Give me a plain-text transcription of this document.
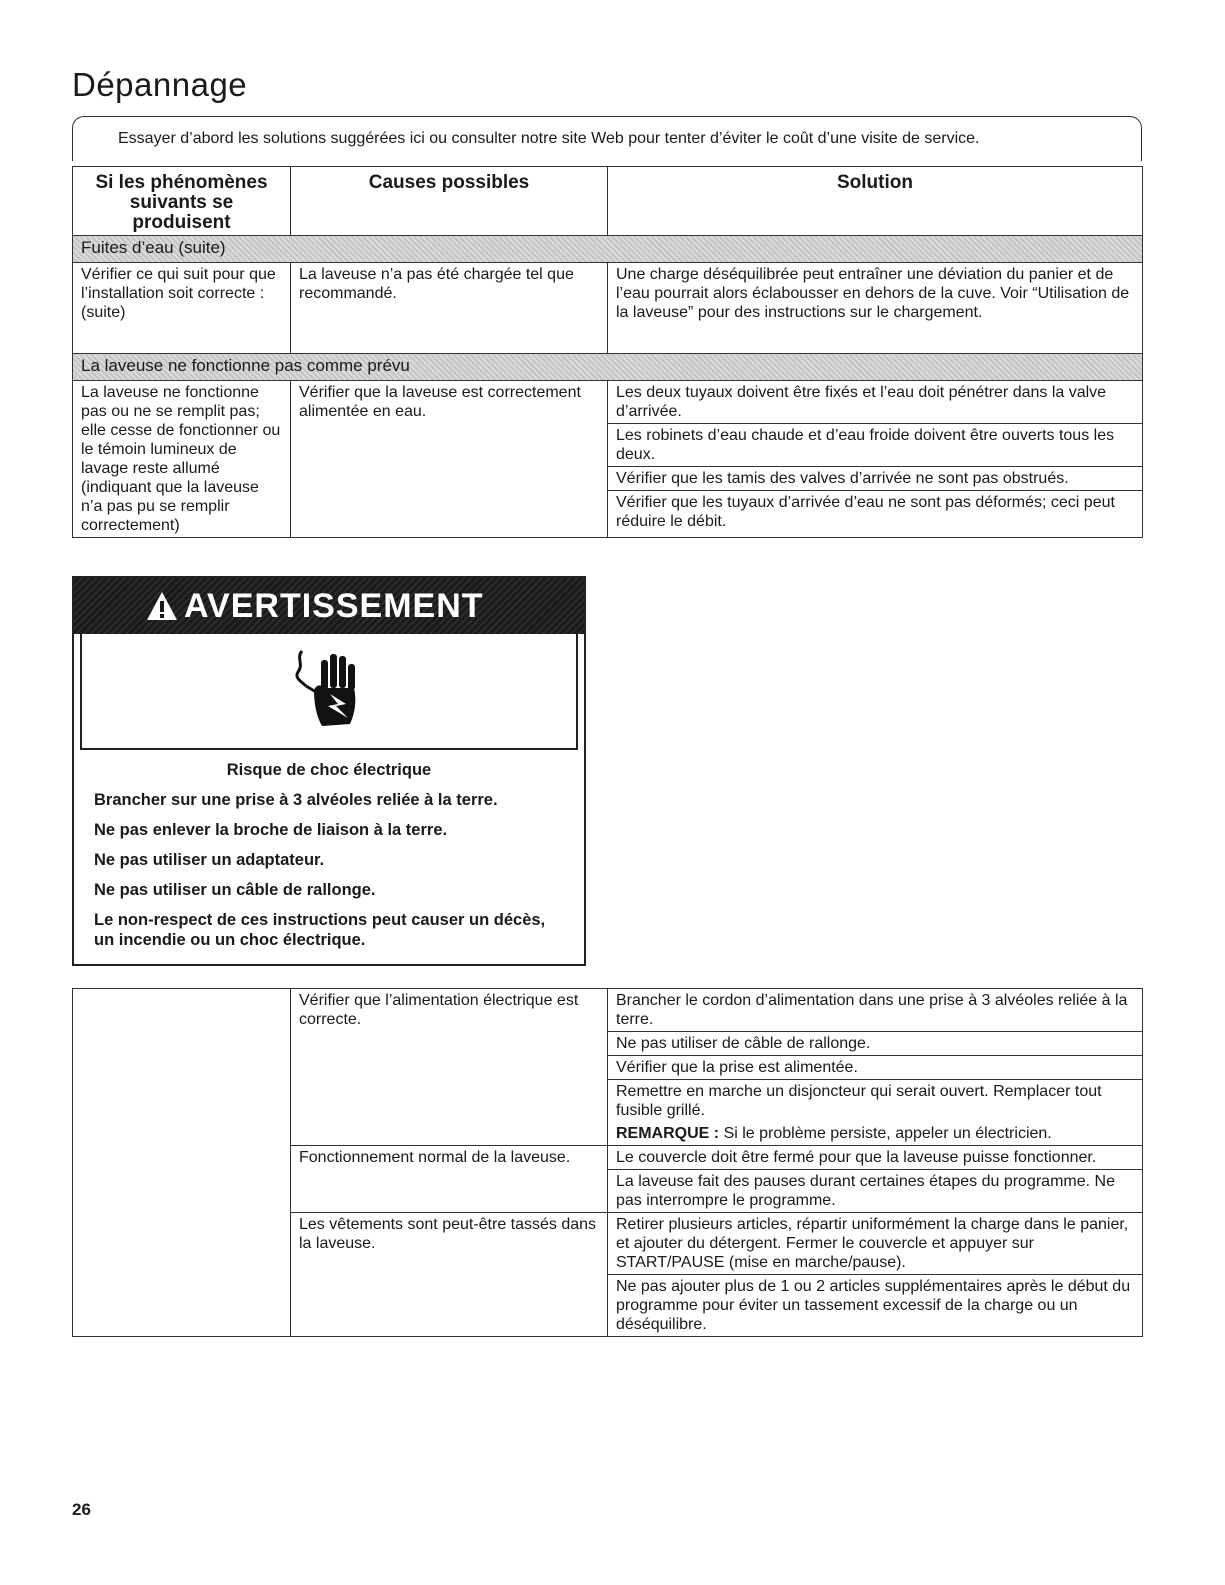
Dépannage
Essayer d’abord les solutions suggérées ici ou consulter notre site Web pour tenter d’éviter le coût d’une visite de service.
Si les phénomènes suivants se produisent	Causes possibles	Solution
Fuites d’eau (suite)		
Vérifier ce qui suit pour que l’installation soit correcte : (suite)	La laveuse n’a pas été chargée tel que recommandé.	Une charge déséquilibrée peut entraîner une déviation du panier et de l’eau pourrait alors éclabousser en dehors de la cuve. Voir “Utilisation de la laveuse” pour des instructions sur le chargement.
La laveuse ne fonctionne pas comme prévu		
La laveuse ne fonctionne pas ou ne se remplit pas; elle cesse de fonctionner ou le témoin lumineux de lavage reste allumé (indiquant que la laveuse n’a pas pu se remplir correctement)	Vérifier que la laveuse est correctement alimentée en eau.	Les deux tuyaux doivent être fixés et l’eau doit pénétrer dans la valve d’arrivée.
Les robinets d’eau chaude et d’eau froide doivent être ouverts tous les deux.
Vérifier que les tamis des valves d’arrivée ne sont pas obstrués.
Vérifier que les tuyaux d’arrivée d’eau ne sont pas déformés; ceci peut réduire le débit.
AVERTISSEMENT
Risque de choc électrique
Brancher sur une prise à 3 alvéoles reliée à la terre.
Ne pas enlever la broche de liaison à la terre.
Ne pas utiliser un adaptateur.
Ne pas utiliser un câble de rallonge.
Le non-respect de ces instructions peut causer un décès, un incendie ou un choc électrique.
	Vérifier que l’alimentation électrique est correcte.	Brancher le cordon d’alimentation dans une prise à 3 alvéoles reliée à la terre.
Ne pas utiliser de câble de rallonge.
Vérifier que la prise est alimentée.
Remettre en marche un disjoncteur qui serait ouvert. Remplacer tout fusible grillé.
REMARQUE : Si le problème persiste, appeler un électricien.

	Fonctionnement normal de la laveuse.	Le couvercle doit être fermé pour que la laveuse puisse fonctionner.
La laveuse fait des pauses durant certaines étapes du programme. Ne pas interrompre le programme.

	Les vêtements sont peut-être tassés dans la laveuse.	Retirer plusieurs articles, répartir uniformément la charge dans le panier, et ajouter du détergent. Fermer le couvercle et appuyer sur START/PAUSE (mise en marche/pause).
Ne pas ajouter plus de 1 ou 2 articles supplémentaires après le début du programme pour éviter un tassement excessif de la charge ou un déséquilibre.
26
